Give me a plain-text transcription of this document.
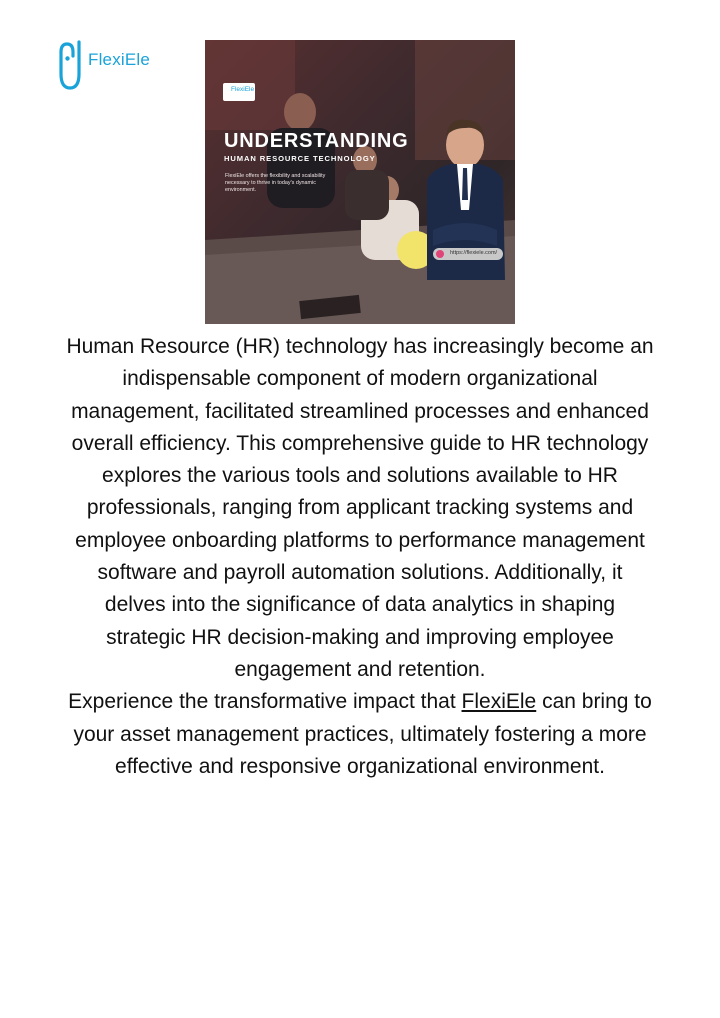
FlexiEle
FlexiEle
UNDERSTANDING
HUMAN RESOURCE TECHNOLOGY
FlexiEle offers the flexibility and scalability necessary to thrive in today's dynamic environment.
https://flexiele.com/

Human Resource (HR) technology has increasingly become an indispensable component of modern organizational management, facilitated streamlined processes and enhanced overall efficiency. This comprehensive guide to HR technology explores the various tools and solutions available to HR professionals, ranging from applicant tracking systems and employee onboarding platforms to performance management software and payroll automation solutions. Additionally, it delves into the significance of data analytics in shaping strategic HR decision-making and improving employee engagement and retention.

Experience the transformative impact that FlexiEle can bring to your asset management practices, ultimately fostering a more effective and responsive organizational environment.
